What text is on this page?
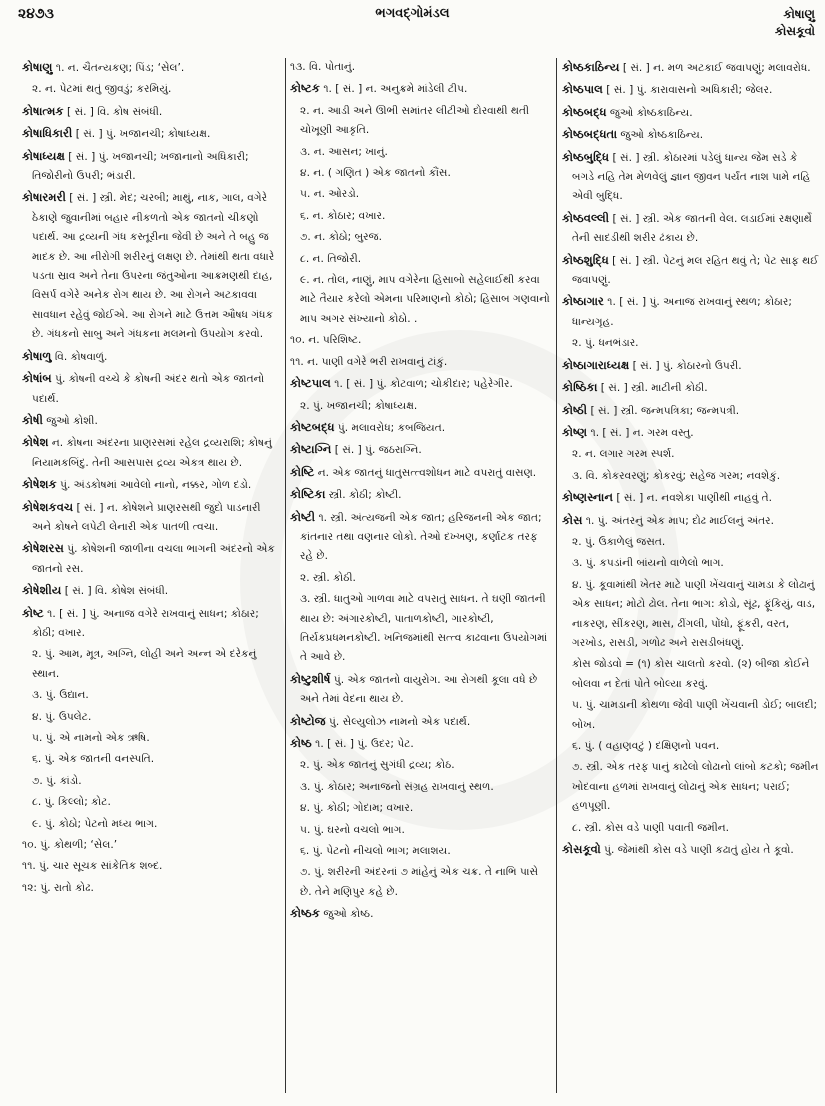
૨૪૭૩	ભગવદ્ગોમંડલ	કોષાણુ
કોસકૂવો
કોષાણુ ૧. ન. ચૈતન્યકણ; પિંડ; ‘સેલ’.
૨. ન. પેટમાં થતું જીવડું; કરમિયું.
કોષાત્મક [ સં. ] વિ. કોષ સંબંધી.
કોષાધિકારી [ સં. ] પું. ખજાનચી; કોષાધ્યક્ષ.
કોષાધ્યક્ષ [ સં. ] પું. ખજાનચી; ખજાનાનો અધિકારી; તિજોરીનો ઉપરી; ભંડારી.
કોષારમરી [ સં. ] સ્ત્રી. મેદ; ચરબી; માથું, નાક, ગાલ, વગેરે ઠેકાણે જુવાનીમાં બહાર નીકળતો એક જાતનો ચીકણો પદાર્થ. આ દ્રવ્યની ગંધ કસ્તૂરીના જેવી છે અને તે બહુ જ માદક છે. આ નીરોગી શરીરનું લક્ષણ છે. તેમાંથી થતા વધારે પડતા સ્રાવ અને તેના ઉપરના જંતુઓના આક્રમણથી દાહ, વિસર્પ વગેરે અનેક રોગ થાય છે. આ રોગને અટકાવવા સાવધાન રહેવું જોઈએ. આ રોગને માટે ઉત્તમ ઔષધ ગંધક છે. ગંધકનો સાબુ અને ગંધકના મલમનો ઉપયોગ કરવો.
કોષાળુ વિ. કોષવાળું.
કોષાંબ પું. કોષની વચ્ચે કે કોષની અંદર થતો એક જાતનો પદાર્થ.
કોષી જુઓ કોશી.
કોષેશ ન. કોષના અંદરના પ્રાણરસમાં રહેલ દ્રવ્યરાશિ; કોષનું નિયામકબિંદુ. તેની આસપાસ દ્રવ્ય એકત્ર થાય છે.
કોષેશક પું. અંડકોષમાં આવેલો નાનો, નક્કર, ગોળ દડો.
કોષેશકવચ [ સં. ] ન. કોષેશને પ્રાણરસથી જુદો પાડનારી અને કોષને લપેટી લેનારી એક પાતળી ત્વચા.
કોષેશરસ પું. કોષેશની જાળીના વચલા ભાગની અંદરનો એક જાતનો રસ.
કોષેશીય [ સં. ] વિ. કોષેશ સંબંધી.
કોષ્ટ ૧. [ સં. ] પું. અનાજ વગેરે રાખવાનું સાધન; કોઠાર; કોઠી; વખાર.
૨. પું. આમ, મૂત્ર, અગ્નિ, લોહી અને અન્ન એ દરેકનું સ્થાન.
૩. પું. ઉદ્યાન.
૪. પું. ઉપલેટ.
૫. પું. એ નામનો એક ઋષિ.
૬. પું. એક જાતની વનસ્પતિ.
૭. પું. કાંડો.
૮. પું. કિલ્લો; કોટ.
૯. પું. કોઠો; પેટનો મધ્ય ભાગ.
૧૦. પું. કોથળી; ‘સેલ.’
૧૧. પું. ચાર સૂચક સાંકેતિક શબ્દ.
૧૨: પું. રાતો કોઢ.
૧૩. વિ. પોતાનું.
કોષ્ટક ૧. [ સં. ] ન. અનુક્રમે માંડેલી ટીપ.
૨. ન. આડી અને ઊભી સમાંતર લીટીઓ દોરવાથી થતી ચોખૂણી આકૃતિ.
૩. ન. આસન; ખાનું.
૪. ન. ( ગણિત ) એક જાતનો કૌંસ.
૫. ન. ઓરડો.
૬. ન. કોઠાર; વખાર.
૭. ન. કોઠો; બુરજ.
૮. ન. તિજોરી.
૯. ન. તોલ, નાણું, માપ વગેરેના હિસાબો સહેલાઈથી કરવા માટે તૈયાર કરેલો એમના પરિમાણનો કોઠો; હિસાબ ગણવાનો માપ અગર સંખ્યાનો કોઠો. .
૧૦. ન. પરિશિષ્ટ.
૧૧. ન. પાણી વગેરે ભરી રાખવાનું ટાંકું.
કોષ્ટપાલ ૧. [ સં. ] પું. કોટવાળ; ચોકીદાર; પહેરેગીર.
૨. પું. ખજાનચી; કોષાધ્યક્ષ.
કોષ્ટબદ્ધ પું. મલાવરોધ; કબજિયત.
કોષ્ટાગ્નિ [ સં. ] પું. જઠરાગ્નિ.
કોષ્ટિ ન. એક જાતનું ધાતુસત્ત્વશોધન માટે વપરાતું વાસણ.
કોષ્ટિકા સ્ત્રી. કોઠી; કોષ્ટી.
કોષ્ટી ૧. સ્ત્રી. અંત્યજની એક જાત; હરિજનની એક જાત; કાંતનાર તથા વણનાર લોકો. તેઓ દખ્ખણ, કર્ણાટક તરફ રહે છે.
૨. સ્ત્રી. કોઠી.
૩. સ્ત્રી. ધાતુઓ ગાળવા માટે વપરાતું સાધન. તે ઘણી જાતની થાય છે: અંગારકોષ્ટી, પાતાળકોષ્ટી, ગારકોષ્ટી, તિર્યકપ્રધમનકોષ્ટી. ખનિજમાંથી સત્ત્વ કાઢવાના ઉપયોગમાં તે આવે છે.
કોષ્ટુશીર્ષ પું. એક જાતનો વાયુરોગ. આ રોગથી કૂલા વધે છે અને તેમાં વેદના થાય છે.
કોષ્ટોજ પું. સેલ્યુલોઝ નામનો એક પદાર્થ.
કોષ્ઠ ૧. [ સં. ] પું. ઉદર; પેટ.
૨. પું. એક જાતનું સુગંધી દ્રવ્ય; કોઠ.
૩. પું. કોઠાર; અનાજનો સંગ્રહ રાખવાનું સ્થળ.
૪. પું. કોઠી; ગોદામ; વખાર.
૫. પું. ઘરનો વચલો ભાગ.
૬. પું. પેટનો નીચલો ભાગ; મલાશય.
૭. પું. શરીરની અંદરનાં ૭ માંહેનું એક ચક્ર. તે નાભિ પાસે છે. તેને મણિપુર કહે છે.
કોષ્ઠક જુઓ કોષ્ઠ.
કોષ્ઠકાઠિન્ય [ સં. ] ન. મળ અટકાઈ જવાપણું; મલાવરોધ.
કોષ્ઠપાલ [ સં. ] પું. કારાવાસનો અધિકારી; જેલર.
કોષ્ઠબદ્ધ જુઓ કોષ્ઠકાઠિન્ય.
કોષ્ઠબદ્ધતા જુઓ કોષ્ઠકાઠિન્ય.
કોષ્ઠબુદ્ધિ [ સં. ] સ્ત્રી. કોઠારમાં પડેલું ધાન્ય જેમ સડે કે બગડે નહિ તેમ મેળવેલું જ્ઞાન જીવન પર્યંત નાશ પામે નહિ એવી બુદ્ધિ.
કોષ્ઠવલ્લી [ સં. ] સ્ત્રી. એક જાતની વેલ. લડાઈમાં રક્ષણાર્થે તેની સાદડીથી શરીર ઢંકાય છે.
કોષ્ઠશુદ્ધિ [ સં. ] સ્ત્રી. પેટનું મલ રહિત થવું તે; પેટ સાફ થઈ જવાપણું.
કોષ્ઠાગાર ૧. [ સં. ] પું. અનાજ રાખવાનું સ્થળ; કોઠાર; ધાન્યગૃહ.
૨. પું. ધનભંડાર.
કોષ્ઠાગારાધ્યક્ષ [ સં. ] પું. કોઠારનો ઉપરી.
કોષ્ઠિકા [ સં. ] સ્ત્રી. માટીની કોઠી.
કોષ્ઠી [ સં. ] સ્ત્રી. જન્મપત્રિકા; જન્મપત્રી.
કોષ્ણ ૧. [ સં. ] ન. ગરમ વસ્તુ.
૨. ન. લગાર ગરમ સ્પર્શ.
૩. વિ. કોકરવરણું; કોકરવું; સહેજ ગરમ; નવશેકું.
કોષ્ણસ્નાન [ સં. ] ન. નવશેકા પાણીથી નાહવું તે.
કોસ ૧. પું. અંતરનું એક માપ; દોઢ માઈલનું અંતર.
૨. પું. ઉકાળેલું જસત.
૩. પું. કપડાંની બાંયનો વાળેલો ભાગ.
૪. પું. કૂવામાંથી ખેતર માટે પાણી ખેંચવાનું ચામડા કે લોઢાનું એક સાધન; મોટો ઢોલ. તેના ભાગ: કોડો, સૂંઢ, ફૂંકિયું, વાડ, નાકરણ, સીંકરણ, માસ, ઢીંગલી, પોંધો, ફૂંકરી, વરત, ગરખોડ, રાસડી, ગળોઢ અને રાસડીબંધણું.
કોસ જોડવો = (૧) કોસ ચાલતો કરવો. (૨) બીજા કોઈને બોલવા ન દેતાં પોતે બોલ્યા કરવું.
૫. પું. ચામડાની કોથળા જેવી પાણી ખેંચવાની ડોઈ; બાલદી; બોખ.
૬. પું. ( વહાણવટું ) દક્ષિણનો પવન.
૭. સ્ત્રી. એક તરફ પાનું કાઢેલો લોઢાનો લાંબો કટકો; જમીન ખોદવાના હળમાં રાખવાનું લોઢાનું એક સાધન; પરાઈ; હળપૂણી.
૮. સ્ત્રી. કોસ વડે પાણી પવાતી જમીન.
કોસકૂવો પું. જેમાંથી કોસ વડે પાણી કઢાતું હોય તે કૂવો.
